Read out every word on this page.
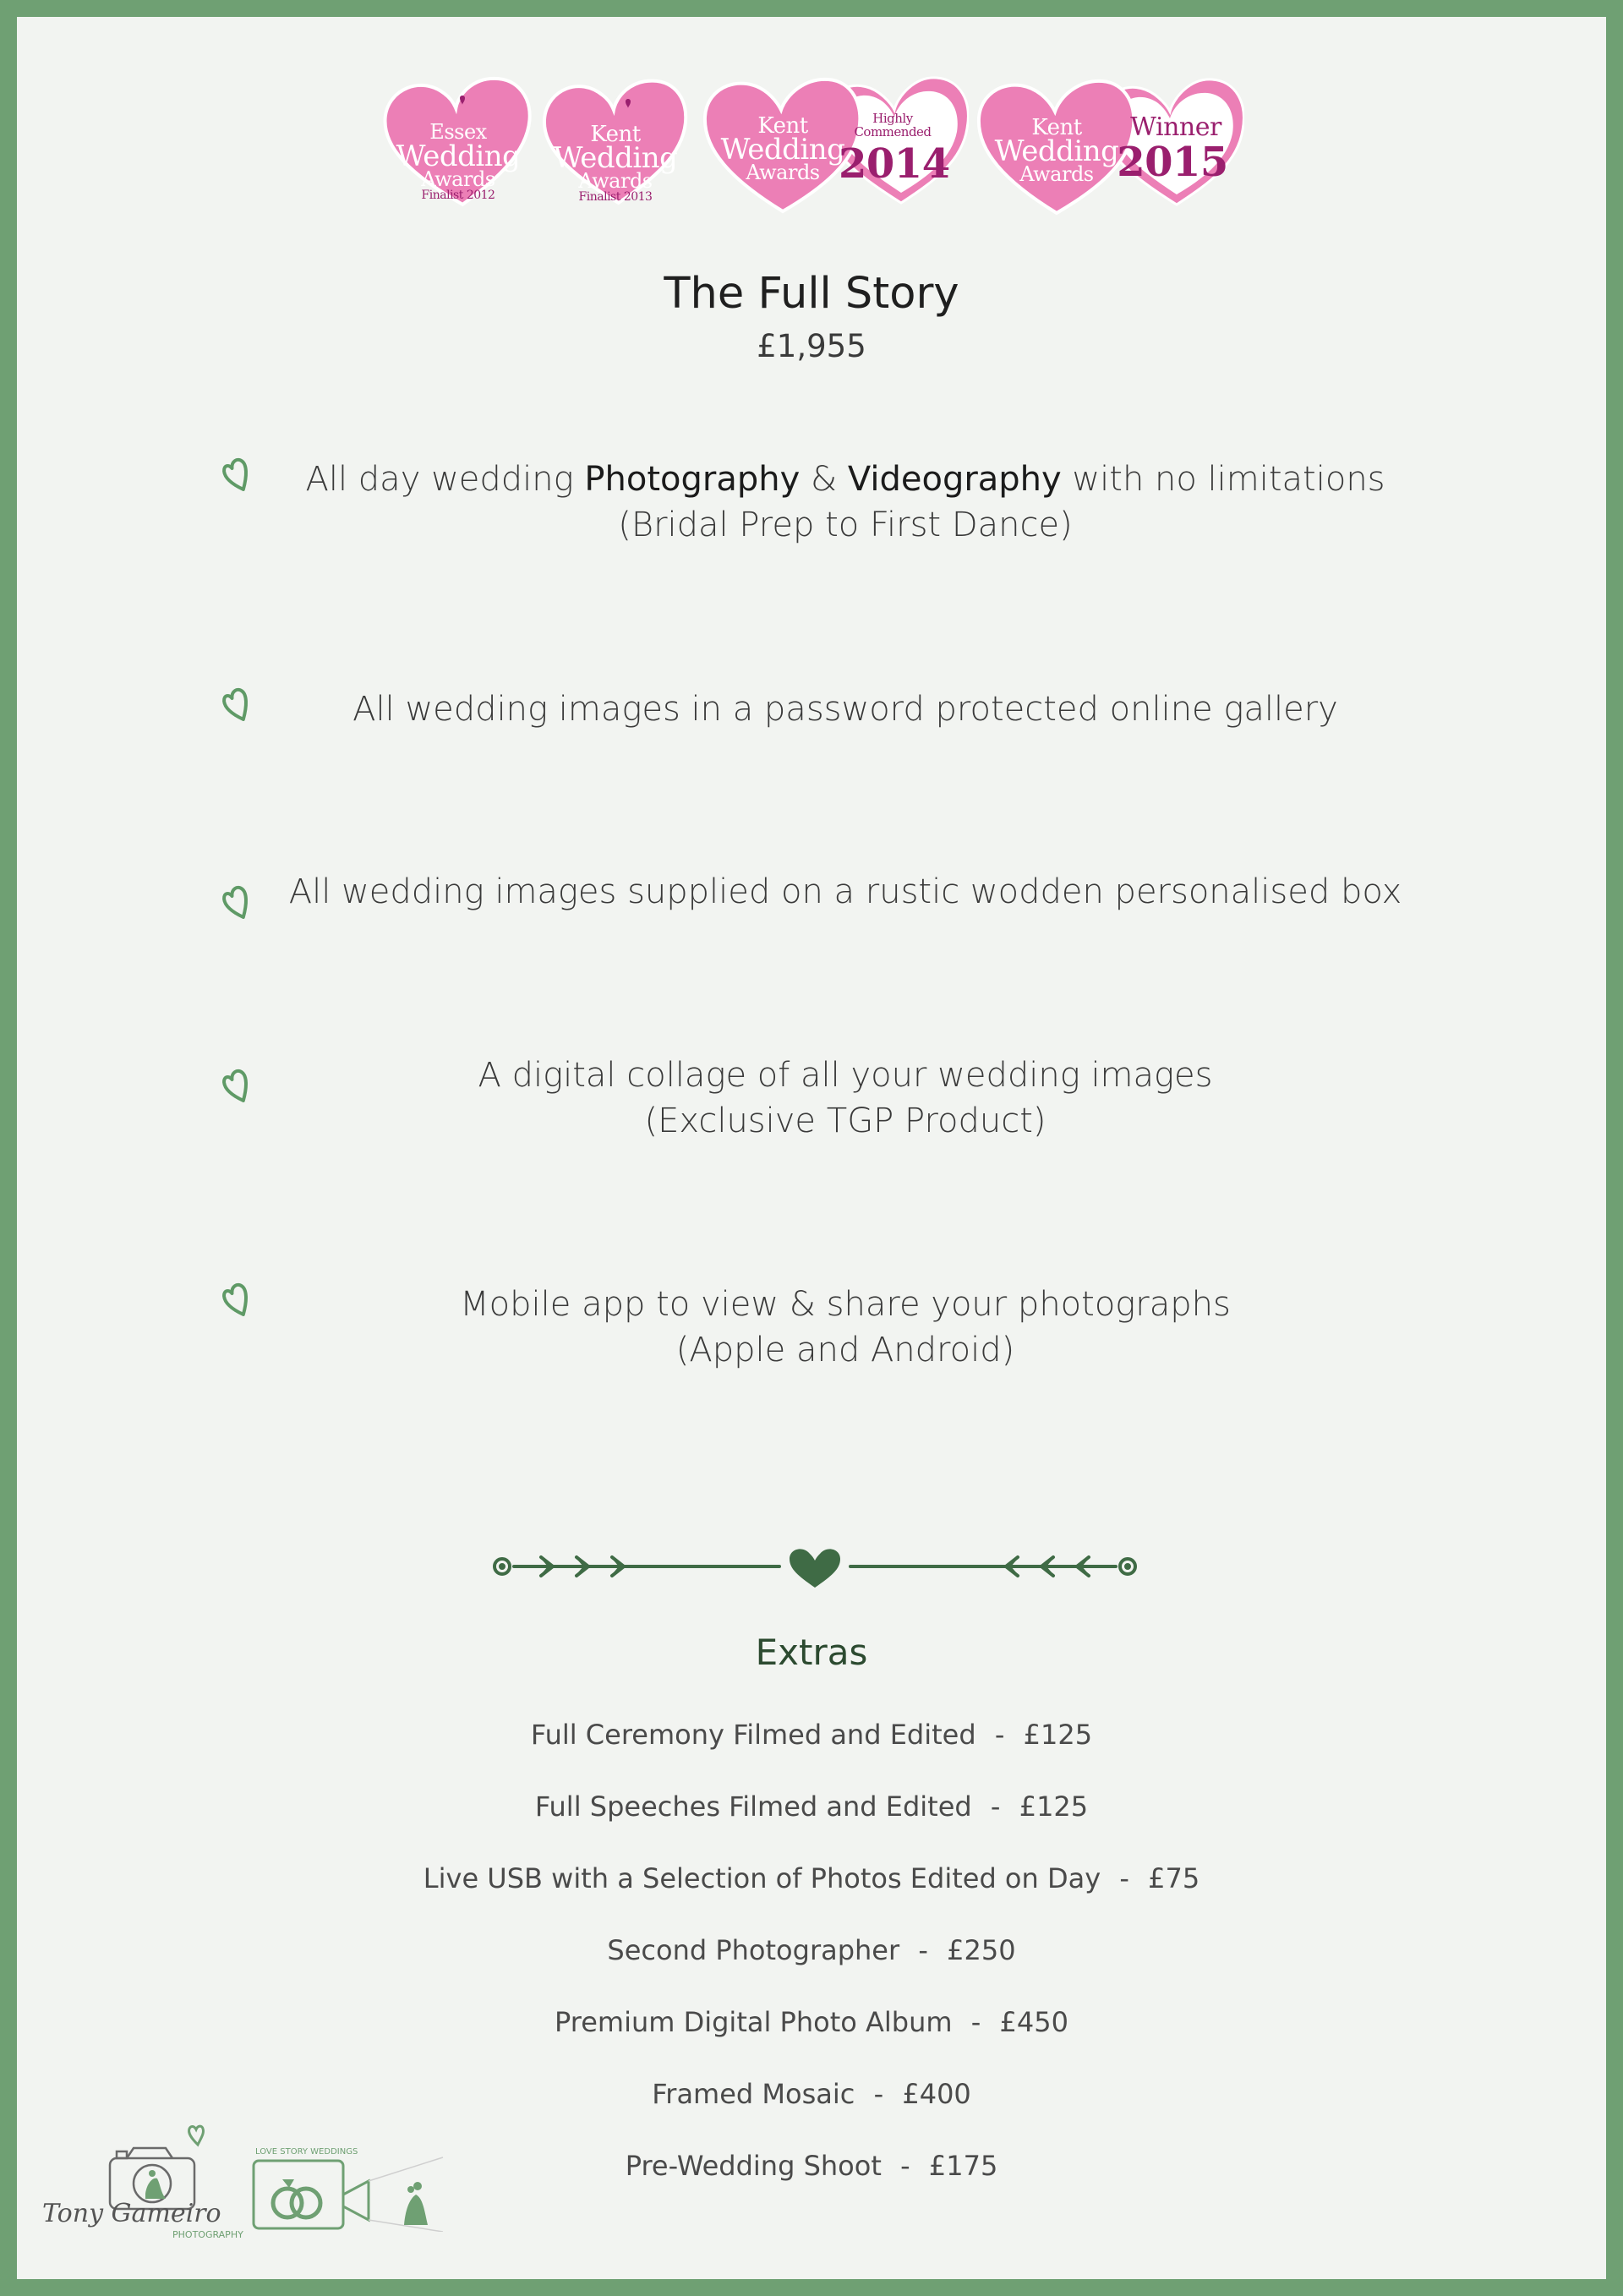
Essex
Wedding
Awards
Finalist 2012
Kent
Wedding
Awards
Finalist 2013
Kent
Wedding
Awards
Highly Commended
2014
Kent
Wedding
Awards
Winner
2015
The Full Story
£1,955
All day wedding Photography & Videography with no limitations
(Bridal Prep to First Dance)
All wedding images in a password protected online gallery
All wedding images supplied on a rustic wodden personalised box
A digital collage of all your wedding images
(Exclusive TGP Product)
Mobile app to view & share your photographs
(Apple and Android)
Extras
Full Ceremony Filmed and Edited - £125
Full Speeches Filmed and Edited - £125
Live USB with a Selection of Photos Edited on Day - £75
Second Photographer - £250
Premium Digital Photo Album - £450
Framed Mosaic - £400
Pre-Wedding Shoot - £175
Tony Gameiro
PHOTOGRAPHY
LOVE STORY WEDDINGS
